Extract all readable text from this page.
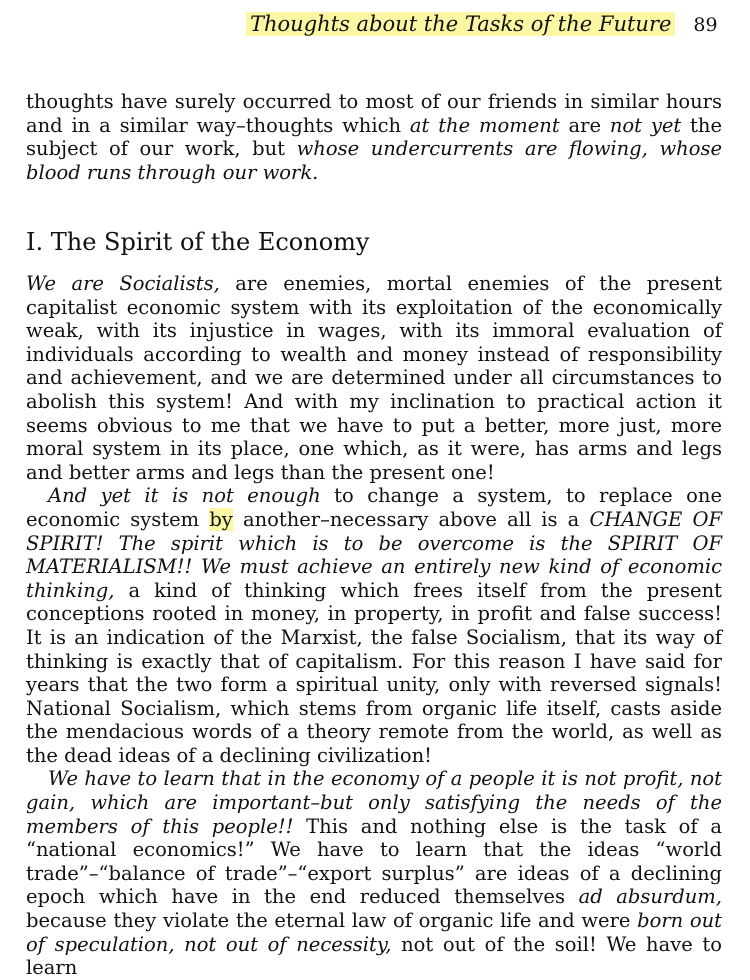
Thoughts about the Tasks of the Future 89

thoughts have surely occurred to most of our friends in similar hours and in a similar way–thoughts which at the moment are not yet the subject of our work, but whose undercurrents are flowing, whose blood runs through our work.

I. The Spirit of the Economy

We are Socialists, are enemies, mortal enemies of the present capitalist economic system with its exploitation of the economically weak, with its injustice in wages, with its immoral evaluation of individuals according to wealth and money instead of responsibility and achievement, and we are determined under all circumstances to abolish this system! And with my inclination to practical action it seems obvious to me that we have to put a better, more just, more moral system in its place, one which, as it were, has arms and legs and better arms and legs than the present one!

And yet it is not enough to change a system, to replace one economic system by another–necessary above all is a CHANGE OF SPIRIT! The spirit which is to be overcome is the SPIRIT OF MATERIALISM!! We must achieve an entirely new kind of economic thinking, a kind of thinking which frees itself from the present conceptions rooted in money, in property, in profit and false success! It is an indication of the Marxist, the false Socialism, that its way of thinking is exactly that of capitalism. For this reason I have said for years that the two form a spiritual unity, only with reversed signals! National Socialism, which stems from organic life itself, casts aside the mendacious words of a theory remote from the world, as well as the dead ideas of a declining civilization!

We have to learn that in the economy of a people it is not profit, not gain, which are important–but only satisfying the needs of the members of this people!! This and nothing else is the task of a “national economics!” We have to learn that the ideas “world trade”–“balance of trade”–“export surplus” are ideas of a declining epoch which have in the end reduced themselves ad absurdum, because they violate the eternal law of organic life and were born out of speculation, not out of necessity, not out of the soil! We have to learn
